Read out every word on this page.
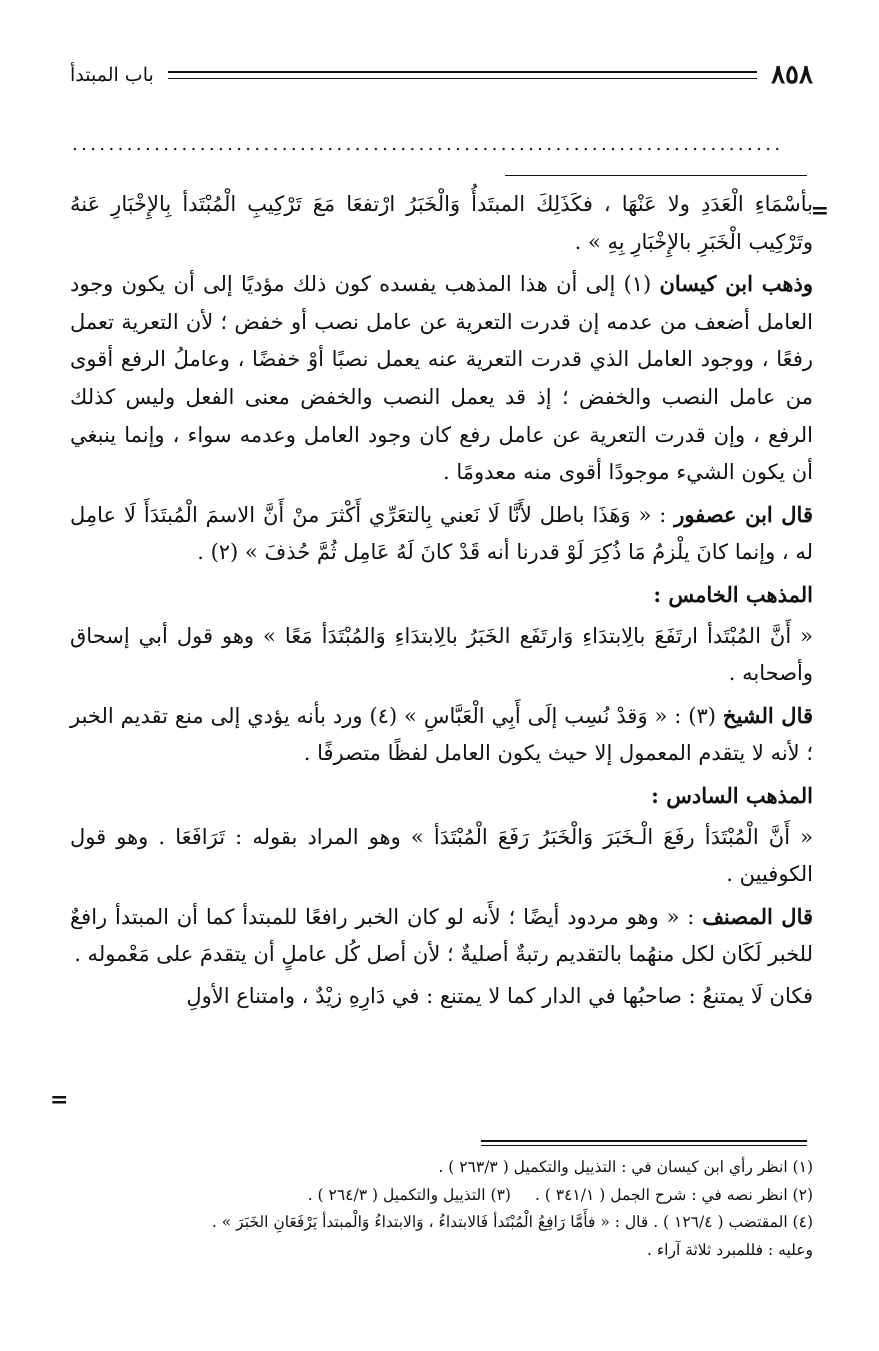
٨٥٨
باب المبتدأ
..............................................................................
=

بأسْمَاءِ الْعَدَدِ ولا عَنْهَا ، فكَذَلِكَ المبتَدأُ وَالْخَبَرُ ارْتفعَا مَعَ تَرْكِيبِ الْمُبْتَدأ بِالإِخْبَارِ عَنهُ وتَرْكِيب الْخَبَرِ بالإِخْبَارِ بِهِ » .

وذهب ابن كيسان (١) إلى أن هذا المذهب يفسده كون ذلك مؤديًا إلى أن يكون وجود العامل أضعف من عدمه إن قدرت التعرية عن عامل نصب أو خفض ؛ لأن التعرية تعمل رفعًا ، ووجود العامل الذي قدرت التعرية عنه يعمل نصبًا أوْ خفضًا ، وعاملُ الرفع أقوى من عامل النصب والخفض ؛ إذ قد يعمل النصب والخفض معنى الفعل وليس كذلك الرفع ، وإن قدرت التعرية عن عامل رفع كان وجود العامل وعدمه سواء ، وإنما ينبغي أن يكون الشيء موجودًا أقوى منه معدومًا .

قال ابن عصفور : « وَهَذَا باطل لأَنَّا لَا نَعني بِالتعَرِّي أَكْثرَ منْ أَنَّ الاسمَ الْمُبتَدَأَ لَا عامِل له ، وإنما كانَ يلْزمُ مَا ذُكِرَ لَوْ قدرنا أنه قَدْ كانَ لَهُ عَامِل ثُمَّ حُذفَ » (٢) .

المذهب الخامس :

« أَنَّ المُبْتَدأ ارتَفَعَ بالِابتدَاءِ وَارتَفَع الخَبَرُ بالِابتدَاءِ وَالمُبْتَدَأ مَعًا » وهو قول أبي إسحاق وأصحابه .

قال الشيخ (٣) : « وَقدْ نُسِب إلَى أَبِي الْعَبَّاسِ » (٤) ورد بأنه يؤدي إلى منع تقديم الخبر ؛ لأنه لا يتقدم المعمول إلا حيث يكون العامل لفظًا متصرفًا .

المذهب السادس :

« أَنَّ الْمُبْتَدَأ رفَعَ الْـخَبَرَ وَالْخَبَرُ رَفَعَ الْمُبْتَدَأ » وهو المراد بقوله : تَرَافَعَا . وهو قول الكوفيين .

قال المصنف : « وهو مردود أيضًا ؛ لأَنه لو كان الخبر رافعًا للمبتدأ كما أن المبتدأ رافعٌ للخبر لَكَان لكل منهُما بالتقديم رتبةٌ أصليةٌ ؛ لأن أصل كُل عاملٍ أن يتقدمَ على مَعْموله .

فكان لَا يمتنعُ : صاحبُها في الدار كما لا يمتنع : في دَارِهِ زيْدٌ ، وامتناع الأولِ

=

(١) انظر رأي ابن كيسان في : التذييل والتكميل ( ٢٦٣/٣ ) .

(٢) انظر نصه في : شرح الجمل ( ٣٤١/١ ) .(٣) التذييل والتكميل ( ٢٦٤/٣ ) .

(٤) المقتضب ( ١٢٦/٤ ) . قال : « فأَمَّا رَافِعُ الْمُبْتَدأ فَالابتداءُ ، وَالابتداءُ وَالْمبتدأ يَرْفَعَانِ الخَبَرَ » .

وعليه : فللمبرد ثلاثة آراء .
